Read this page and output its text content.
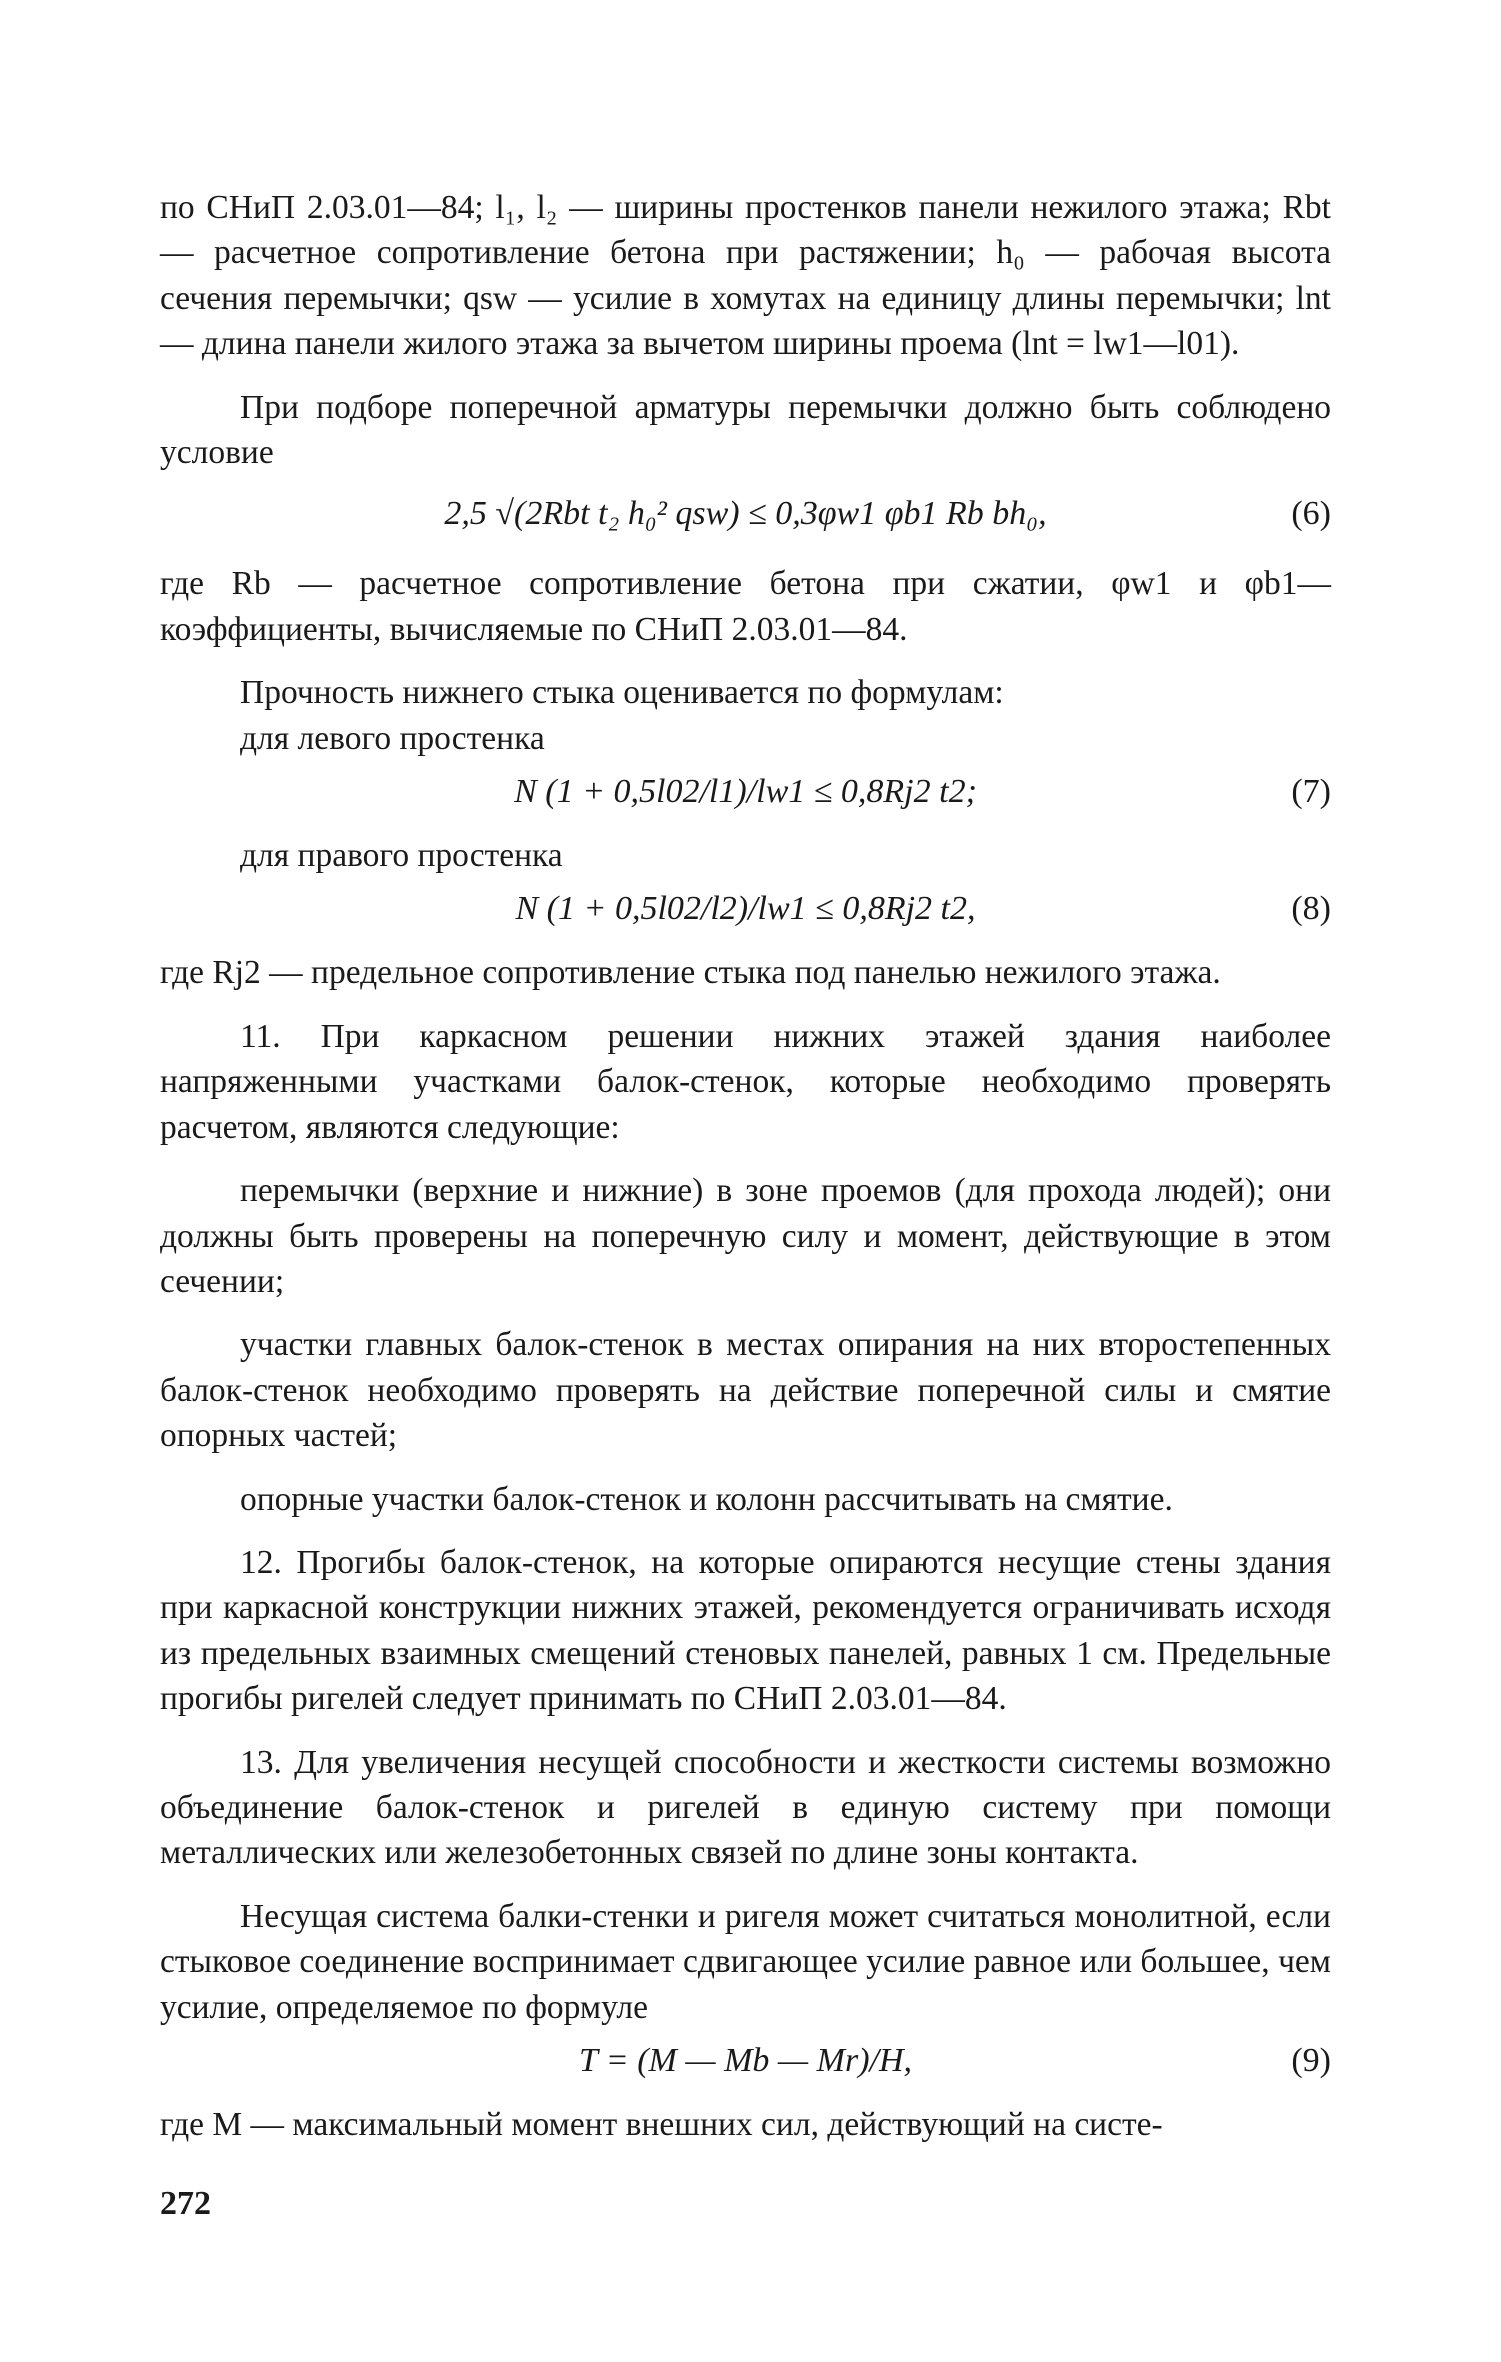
по СНиП 2.03.01—84; l₁, l₂ — ширины простенков панели нежилого этажа; Rbt — расчетное сопротивление бетона при растяжении; h₀ — рабочая высота сечения перемычки; qsw — усилие в хомутах на единицу длины перемычки; lnt — длина панели жилого этажа за вычетом ширины проема (lnt = lw1—l01).

При подборе поперечной арматуры перемычки должно быть соблюдено условие

2,5 √(2Rbt t₂ h₀² qsw) ≤ 0,3φw1 φb1 Rb bh₀,	(6)

где Rb — расчетное сопротивление бетона при сжатии, φw1 и φb1— коэффициенты, вычисляемые по СНиП 2.03.01—84.

Прочность нижнего стыка оценивается по формулам:

для левого простенка

N (1 + 0,5l02/l1)/lw1 ≤ 0,8Rj2 t2;	(7)

для правого простенка

N (1 + 0,5l02/l2)/lw1 ≤ 0,8Rj2 t2,	(8)

где Rj2 — предельное сопротивление стыка под панелью нежилого этажа.

11. При каркасном решении нижних этажей здания наиболее напряженными участками балок-стенок, которые необходимо проверять расчетом, являются следующие:

перемычки (верхние и нижние) в зоне проемов (для прохода людей); они должны быть проверены на поперечную силу и момент, действующие в этом сечении;

участки главных балок-стенок в местах опирания на них второстепенных балок-стенок необходимо проверять на действие поперечной силы и смятие опорных частей;

опорные участки балок-стенок и колонн рассчитывать на смятие.

12. Прогибы балок-стенок, на которые опираются несущие стены здания при каркасной конструкции нижних этажей, рекомендуется ограничивать исходя из предельных взаимных смещений стеновых панелей, равных 1 см. Предельные прогибы ригелей следует принимать по СНиП 2.03.01—84.

13. Для увеличения несущей способности и жесткости системы возможно объединение балок-стенок и ригелей в единую систему при помощи металлических или железобетонных связей по длине зоны контакта.

Несущая система балки-стенки и ригеля может считаться монолитной, если стыковое соединение воспринимает сдвигающее усилие равное или большее, чем усилие, определяемое по формуле

T = (M — Mb — Mr)/H,	(9)

где M — максимальный момент внешних сил, действующий на систе-

272
